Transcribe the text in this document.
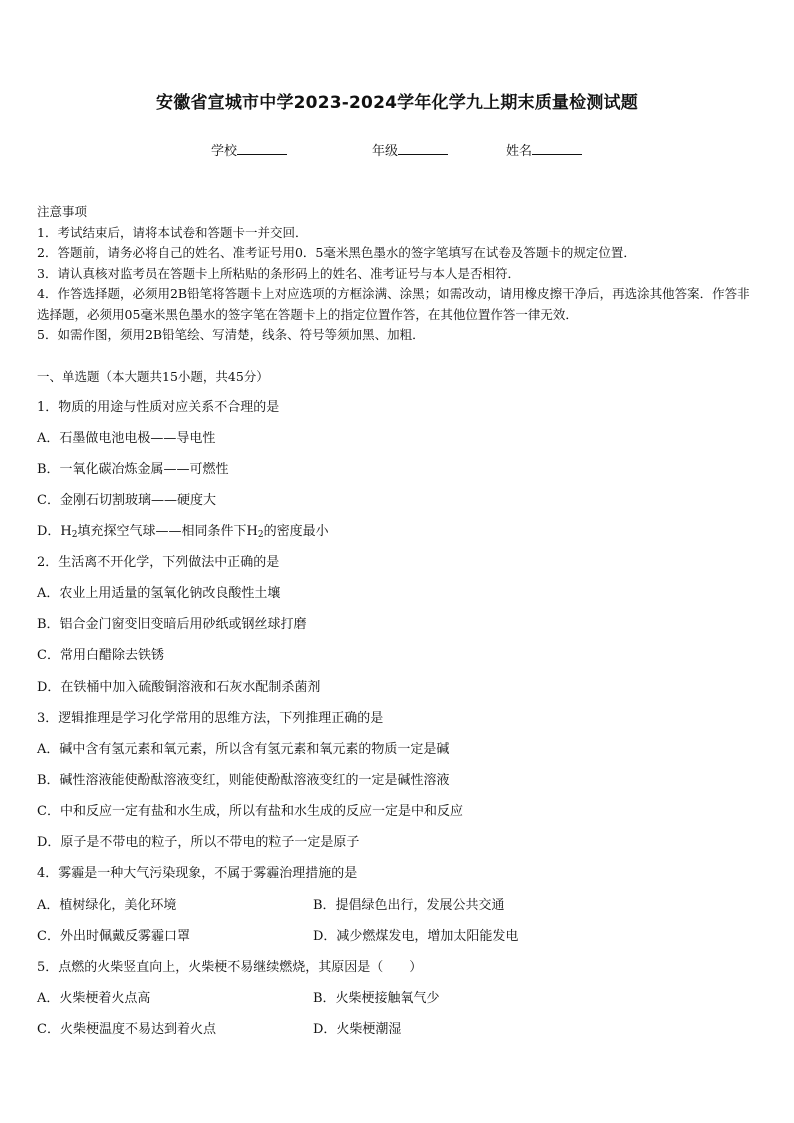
安徽省宣城市中学2023-2024学年化学九上期末质量检测试题
学校	年级	姓名
注意事项
1．考试结束后，请将本试卷和答题卡一并交回．
2．答题前，请务必将自己的姓名、准考证号用0．5毫米黑色墨水的签字笔填写在试卷及答题卡的规定位置．
3．请认真核对监考员在答题卡上所粘贴的条形码上的姓名、准考证号与本人是否相符．
4．作答选择题，必须用2B铅笔将答题卡上对应选项的方框涂满、涂黑；如需改动，请用橡皮擦干净后，再选涂其他答案．作答非选择题，必须用05毫米黑色墨水的签字笔在答题卡上的指定位置作答，在其他位置作答一律无效．
5．如需作图，须用2B铅笔绘、写清楚，线条、符号等须加黑、加粗．
一、单选题（本大题共15小题，共45分）
1．物质的用途与性质对应关系不合理的是
A．石墨做电池电极——导电性
B．一氧化碳冶炼金属——可燃性
C．金刚石切割玻璃——硬度大
D．$H_2$填充探空气球——相同条件下$H_2$的密度最小
2．生活离不开化学，下列做法中正确的是
A．农业上用适量的氢氧化钠改良酸性土壤
B．铝合金门窗变旧变暗后用砂纸或钢丝球打磨
C．常用白醋除去铁锈
D．在铁桶中加入硫酸铜溶液和石灰水配制杀菌剂
3．逻辑推理是学习化学常用的思维方法，下列推理正确的是
A．碱中含有氢元素和氧元素，所以含有氢元素和氧元素的物质一定是碱
B．碱性溶液能使酚酞溶液变红，则能使酚酞溶液变红的一定是碱性溶液
C．中和反应一定有盐和水生成，所以有盐和水生成的反应一定是中和反应
D．原子是不带电的粒子，所以不带电的粒子一定是原子
4．雾霾是一种大气污染现象，不属于雾霾治理措施的是
A．植树绿化，美化环境	B．提倡绿色出行，发展公共交通
C．外出时佩戴反雾霾口罩	D．减少燃煤发电，增加太阳能发电
5．点燃的火柴竖直向上，火柴梗不易继续燃烧，其原因是（　　）
A．火柴梗着火点高	B．火柴梗接触氧气少
C．火柴梗温度不易达到着火点	D．火柴梗潮湿
